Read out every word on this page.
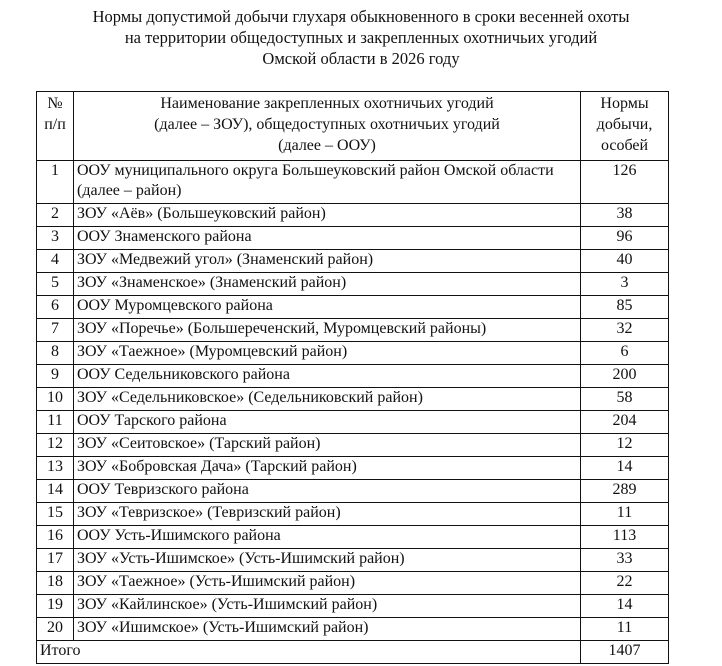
Нормы допустимой добычи глухаря обыкновенного в сроки весенней охоты
на территории общедоступных и закрепленных охотничьих угодий
Омской области в 2026 году
№ п/п	Наименование закрепленных охотничьих угодий (далее – ЗОУ), общедоступных охотничьих угодий (далее – ООУ)	Нормы добычи, особей
1	ООУ муниципального округа Большеуковский район Омской области (далее – район)	126
2	ЗОУ «Аёв» (Большеуковский район)	38
3	ООУ Знаменского района	96
4	ЗОУ «Медвежий угол» (Знаменский район)	40
5	ЗОУ «Знаменское» (Знаменский район)	3
6	ООУ Муромцевского района	85
7	ЗОУ «Поречье» (Большереченский, Муромцевский районы)	32
8	ЗОУ «Таежное» (Муромцевский район)	6
9	ООУ Седельниковского района	200
10	ЗОУ «Седельниковское» (Седельниковский район)	58
11	ООУ Тарского района	204
12	ЗОУ «Сеитовское» (Тарский район)	12
13	ЗОУ «Бобровская Дача» (Тарский район)	14
14	ООУ Тевризского района	289
15	ЗОУ «Тевризское» (Тевризский район)	11
16	ООУ Усть-Ишимского района	113
17	ЗОУ «Усть-Ишимское» (Усть-Ишимский район)	33
18	ЗОУ «Таежное» (Усть-Ишимский район)	22
19	ЗОУ «Кайлинское» (Усть-Ишимский район)	14
20	ЗОУ «Ишимское» (Усть-Ишимский район)	11
Итого		1407
